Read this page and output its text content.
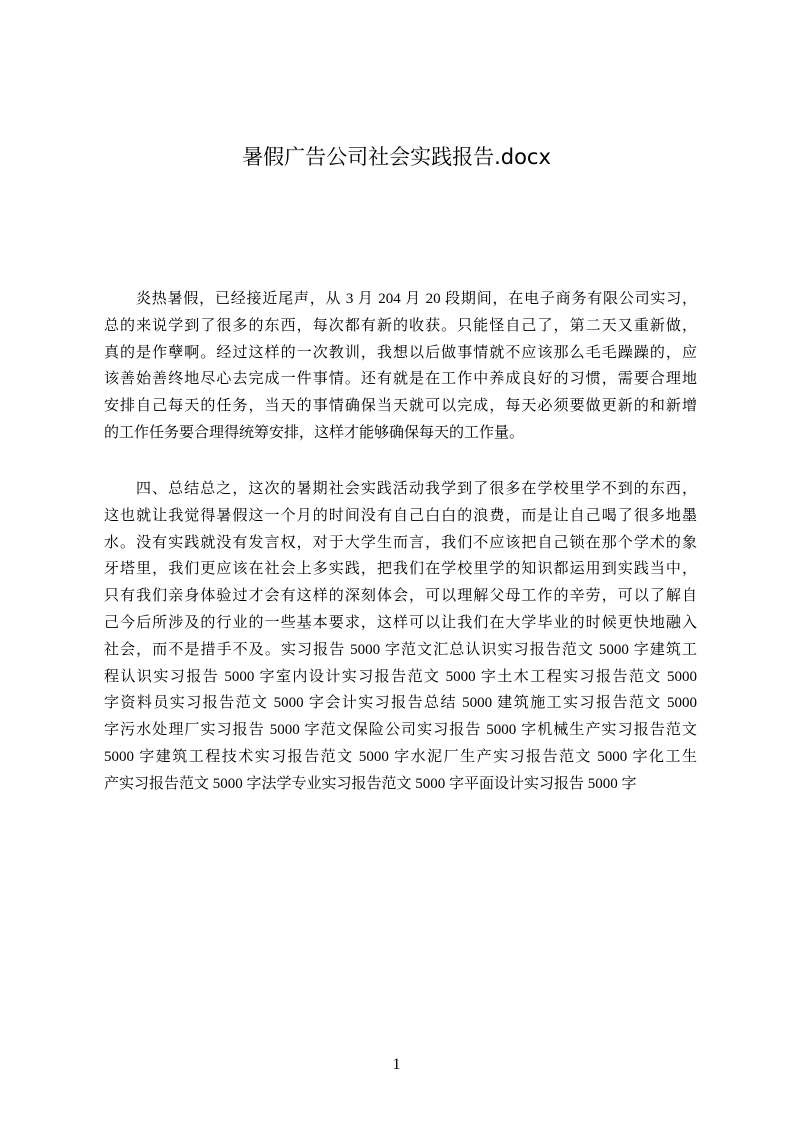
暑假广告公司社会实践报告.docx
炎热暑假，已经接近尾声，从 3 月 204 月 20 段期间，在电子商务有限公司实习，
总的来说学到了很多的东西，每次都有新的收获。只能怪自己了，第二天又重新做，
真的是作孽啊。经过这样的一次教训，我想以后做事情就不应该那么毛毛躁躁的，应
该善始善终地尽心去完成一件事情。还有就是在工作中养成良好的习惯，需要合理地
安排自己每天的任务，当天的事情确保当天就可以完成，每天必须要做更新的和新增
的工作任务要合理得统筹安排，这样才能够确保每天的工作量。
四、总结总之，这次的暑期社会实践活动我学到了很多在学校里学不到的东西，
这也就让我觉得暑假这一个月的时间没有自己白白的浪费，而是让自己喝了很多地墨
水。没有实践就没有发言权，对于大学生而言，我们不应该把自己锁在那个学术的象
牙塔里，我们更应该在社会上多实践，把我们在学校里学的知识都运用到实践当中，
只有我们亲身体验过才会有这样的深刻体会，可以理解父母工作的辛劳，可以了解自
己今后所涉及的行业的一些基本要求，这样可以让我们在大学毕业的时候更快地融入
社会，而不是措手不及。实习报告 5000 字范文汇总认识实习报告范文 5000 字建筑工
程认识实习报告 5000 字室内设计实习报告范文 5000 字土木工程实习报告范文 5000
字资料员实习报告范文 5000 字会计实习报告总结 5000 建筑施工实习报告范文 5000
字污水处理厂实习报告 5000 字范文保险公司实习报告 5000 字机械生产实习报告范文
5000 字建筑工程技术实习报告范文 5000 字水泥厂生产实习报告范文 5000 字化工生
产实习报告范文 5000 字法学专业实习报告范文 5000 字平面设计实习报告 5000 字
1
